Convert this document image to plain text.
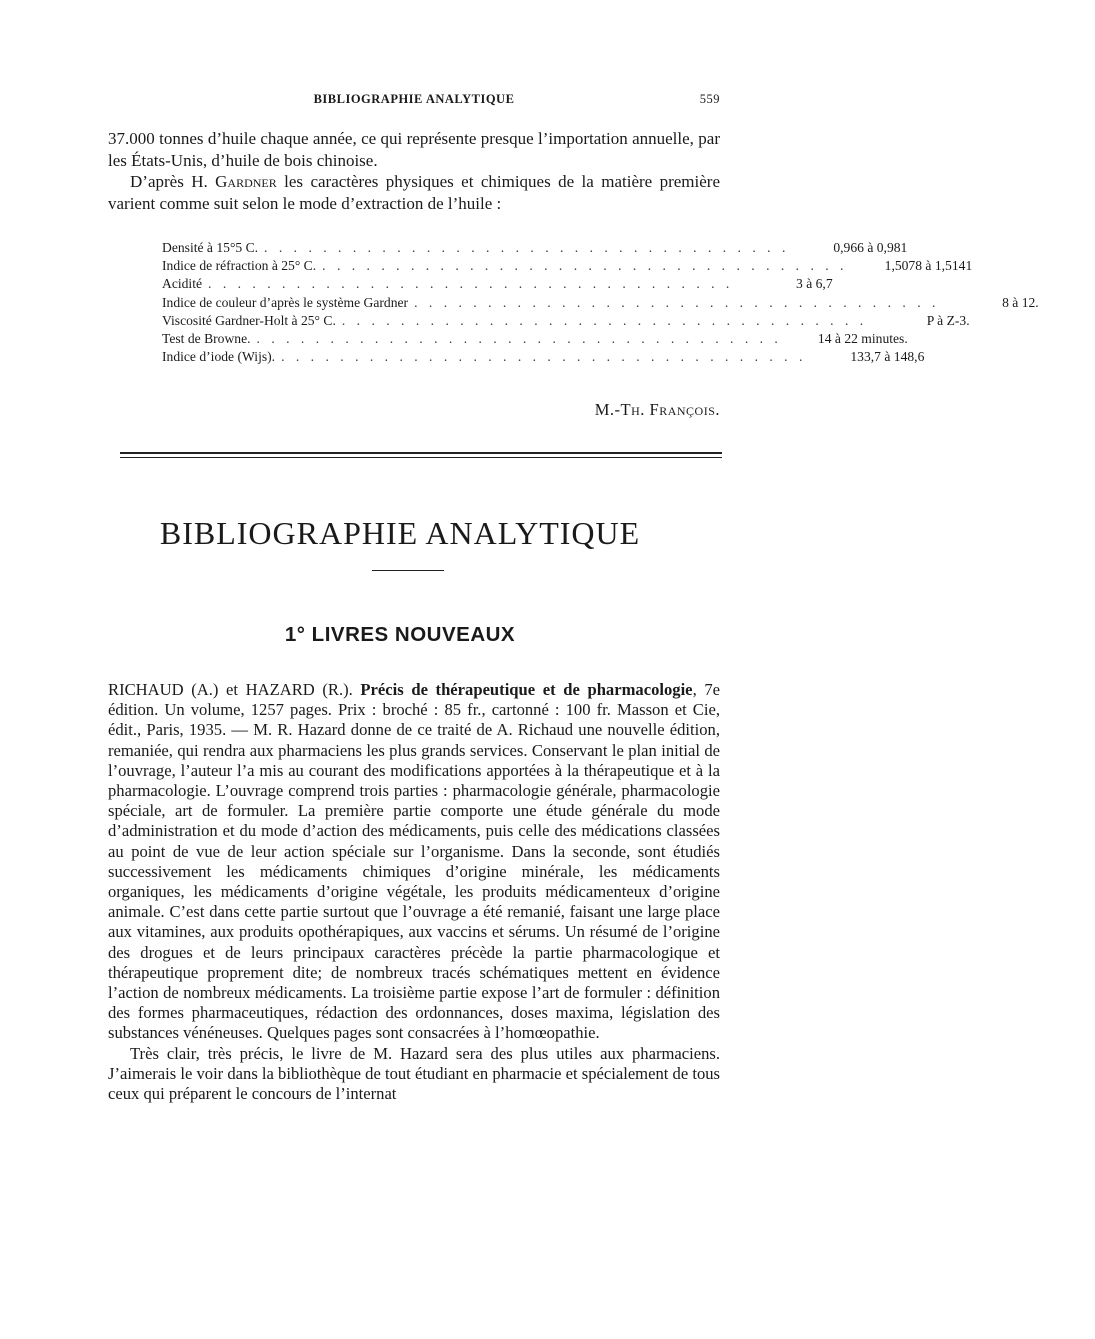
BIBLIOGRAPHIE ANALYTIQUE	559

37.000 tonnes d’huile chaque année, ce qui représente presque l’importation annuelle, par les États-Unis, d’huile de bois chinoise.

D’après H. Gardner les caractères physiques et chimiques de la matière première varient comme suit selon le mode d’extraction de l’huile :

Densité à 15°5 C. . . . . . . . . . . . . . . . . . . . . . . . . . . . . . . . . . . . .	0,966 à 0,981
Indice de réfraction à 25° C. . . . . . . . . . . . . . . . . . . . . . . . . . . . . . . . . . . . .	1,5078 à 1,5141
Acidité . . . . . . . . . . . . . . . . . . . . . . . . . . . . . . . . . . . .	3 à 6,7
Indice de couleur d’après le système Gardner . . . . . . . . . . . . . . . . . . . . . . . . . . . . . . . . . . . .	8 à 12.
Viscosité Gardner-Holt à 25° C. . . . . . . . . . . . . . . . . . . . . . . . . . . . . . . . . . . . .	P à Z-3.
Test de Browne. . . . . . . . . . . . . . . . . . . . . . . . . . . . . . . . . . . . .	14 à 22 minutes.
Indice d’iode (Wijs). . . . . . . . . . . . . . . . . . . . . . . . . . . . . . . . . . . . .	133,7 à 148,6
M.-Th. François.
BIBLIOGRAPHIE ANALYTIQUE
1° LIVRES NOUVEAUX

RICHAUD (A.) et HAZARD (R.). Précis de thérapeutique et de pharmacologie, 7e édition. Un volume, 1257 pages. Prix : broché : 85 fr., cartonné : 100 fr. Masson et Cie, édit., Paris, 1935. — M. R. Hazard donne de ce traité de A. Richaud une nouvelle édition, remaniée, qui rendra aux pharmaciens les plus grands services. Conservant le plan initial de l’ouvrage, l’auteur l’a mis au courant des modifications apportées à la thérapeutique et à la pharmacologie. L’ouvrage comprend trois parties : pharmacologie générale, pharmacologie spéciale, art de formuler. La première partie comporte une étude générale du mode d’administration et du mode d’action des médicaments, puis celle des médications classées au point de vue de leur action spéciale sur l’organisme. Dans la seconde, sont étudiés successivement les médicaments chimiques d’origine minérale, les médicaments organiques, les médicaments d’origine végétale, les produits médicamenteux d’origine animale. C’est dans cette partie surtout que l’ouvrage a été remanié, faisant une large place aux vitamines, aux produits opothérapiques, aux vaccins et sérums. Un résumé de l’origine des drogues et de leurs principaux caractères précède la partie pharmacologique et thérapeutique proprement dite; de nombreux tracés schématiques mettent en évidence l’action de nombreux médicaments. La troisième partie expose l’art de formuler : définition des formes pharmaceutiques, rédaction des ordonnances, doses maxima, législation des substances vénéneuses. Quelques pages sont consacrées à l’homœopathie.

Très clair, très précis, le livre de M. Hazard sera des plus utiles aux pharmaciens. J’aimerais le voir dans la bibliothèque de tout étudiant en pharmacie et spécialement de tous ceux qui préparent le concours de l’internat
